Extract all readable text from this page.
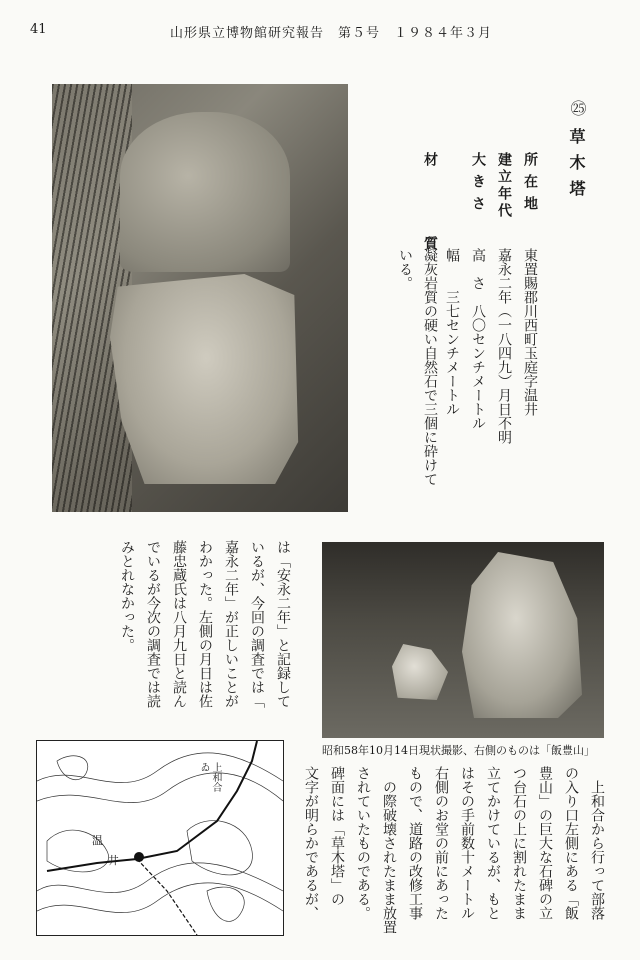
41	山形県立博物館研究報告　第５号　１９８４年３月
㉕
草木塔
所在地
東置賜郡川西町玉庭字温井
建立年代
嘉永二年（一八四九）月日不明
大きさ
高　さ　八〇センチメートル
幅　　三七センチメートル
材　質
凝灰岩質の硬い自然石で三個に砕けて
いる。
は「安永二年」と記録して
いるが、今回の調査では「
嘉永二年」が正しいことが
わかった。左側の月日は佐
藤忠蔵氏は八月九日と読ん
でいるが今次の調査では読
みとれなかった。
昭和58年10月14日現状撮影、右側のものは「飯豊山」
上和合
ゐ
温
井	上和合から行って部落
の入り口左側にある「飯
豊山」の巨大な石碑の立
つ台石の上に割れたまま
立てかけているが、もと
はその手前数十メートル
右側のお堂の前にあった
もので、道路の改修工事
の際破壊されたまま放置
されていたものである。
碑面には「草木塔」の
文字が明らかであるが、
